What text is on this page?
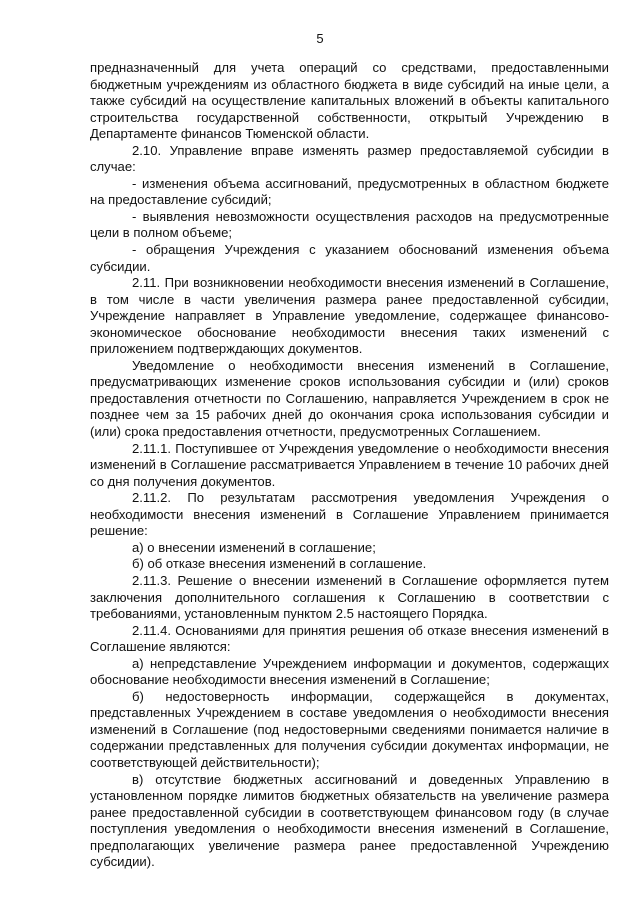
5

предназначенный для учета операций со средствами, предоставленными бюджетным учреждениям из областного бюджета в виде субсидий на иные цели, а также субсидий на осуществление капитальных вложений в объекты капитального строительства государственной собственности, открытый Учреждению в Департаменте финансов Тюменской области.

2.10. Управление вправе изменять размер предоставляемой субсидии в случае:

- изменения объема ассигнований, предусмотренных в областном бюджете на предоставление субсидий;

- выявления невозможности осуществления расходов на предусмотренные цели в полном объеме;

- обращения Учреждения с указанием обоснований изменения объема субсидии.

2.11. При возникновении необходимости внесения изменений в Соглашение, в том числе в части увеличения размера ранее предоставленной субсидии, Учреждение направляет в Управление уведомление, содержащее финансово-экономическое обоснование необходимости внесения таких изменений с приложением подтверждающих документов.

Уведомление о необходимости внесения изменений в Соглашение, предусматривающих изменение сроков использования субсидии и (или) сроков предоставления отчетности по Соглашению, направляется Учреждением в срок не позднее чем за 15 рабочих дней до окончания срока использования субсидии и (или) срока предоставления отчетности, предусмотренных Соглашением.

2.11.1. Поступившее от Учреждения уведомление о необходимости внесения изменений в Соглашение рассматривается Управлением в течение 10 рабочих дней со дня получения документов.

2.11.2. По результатам рассмотрения уведомления Учреждения о необходимости внесения изменений в Соглашение Управлением принимается решение:

а) о внесении изменений в соглашение;

б) об отказе внесения изменений в соглашение.

2.11.3. Решение о внесении изменений в Соглашение оформляется путем заключения дополнительного соглашения к Соглашению в соответствии с требованиями, установленным пунктом 2.5 настоящего Порядка.

2.11.4. Основаниями для принятия решения об отказе внесения изменений в Соглашение являются:

а) непредставление Учреждением информации и документов, содержащих обоснование необходимости внесения изменений в Соглашение;

б) недостоверность информации, содержащейся в документах, представленных Учреждением в составе уведомления о необходимости внесения изменений в Соглашение (под недостоверными сведениями понимается наличие в содержании представленных для получения субсидии документах информации, не соответствующей действительности);

в) отсутствие бюджетных ассигнований и доведенных Управлению в установленном порядке лимитов бюджетных обязательств на увеличение размера ранее предоставленной субсидии в соответствующем финансовом году (в случае поступления уведомления о необходимости внесения изменений в Соглашение, предполагающих увеличение размера ранее предоставленной Учреждению субсидии).
